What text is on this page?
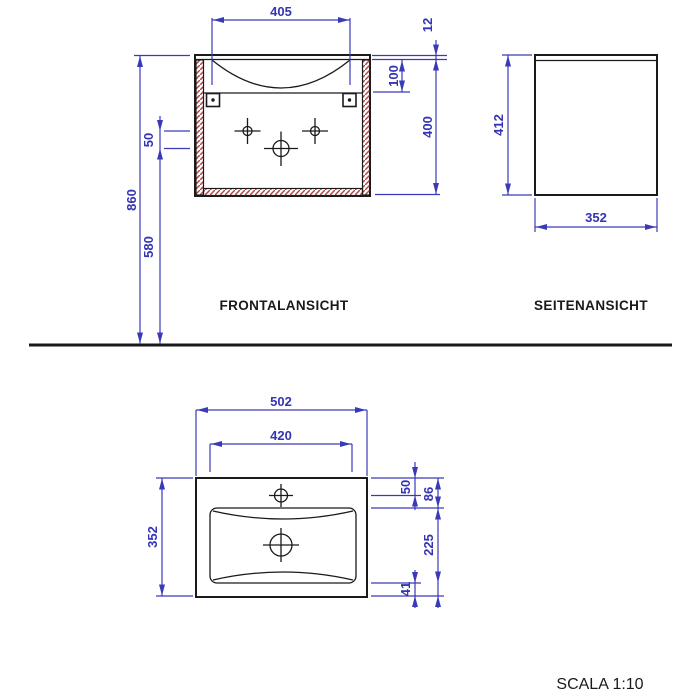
405
12
100
400
860
50
580
FRONTALANSICHT
412
352
SEITENANSICHT
502
420
352
50 86
225
41
SCALA 1:10
